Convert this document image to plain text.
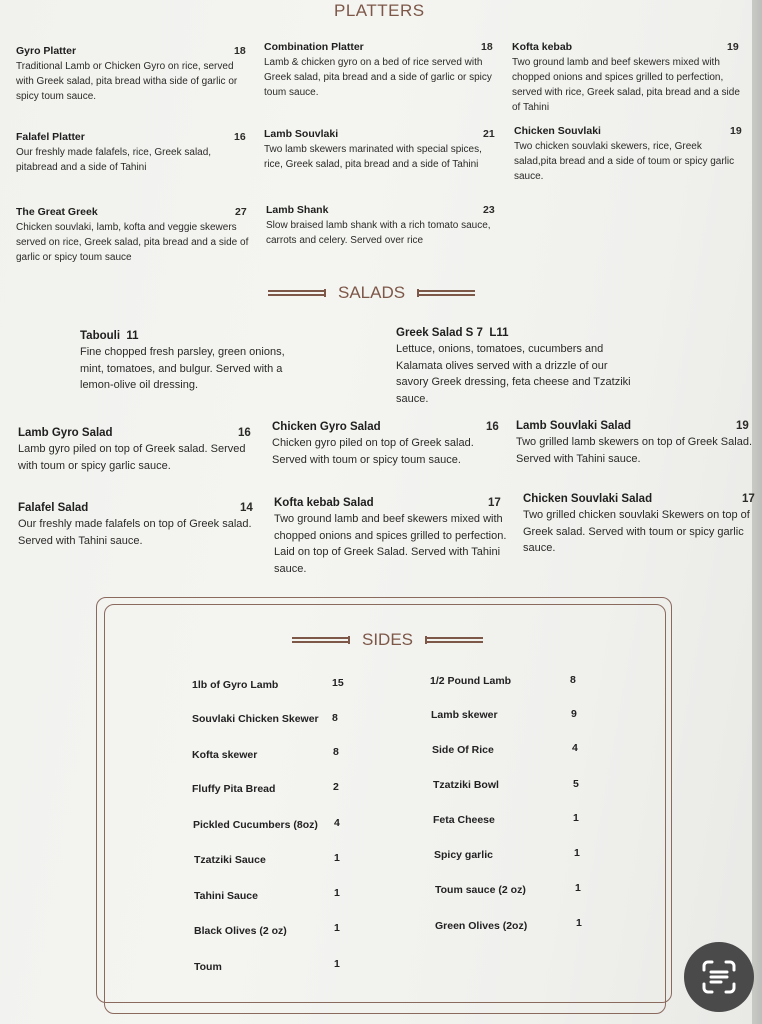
PLATTERS
Gyro Platter	18
Traditional Lamb or Chicken Gyro on rice, served with Greek salad, pita bread witha side of garlic or spicy toum sauce.
Combination Platter	18
Lamb & chicken gyro on a bed of rice served with Greek salad, pita bread and a side of garlic or spicy toum sauce.
Kofta kebab	19
Two ground lamb and beef skewers mixed with chopped onions and spices grilled to perfection, served with rice, Greek salad, pita bread and a side of Tahini
Falafel Platter	16
Our freshly made falafels, rice, Greek salad, pitabread and a side of Tahini
Lamb Souvlaki	21
Two lamb skewers marinated with special spices, rice, Greek salad, pita bread and a side of Tahini
Chicken Souvlaki	19
Two chicken souvlaki skewers, rice, Greek salad,pita bread and a side of toum or spicy garlic sauce.
The Great Greek	27
Chicken souvlaki, lamb, kofta and veggie skewers served on rice, Greek salad, pita bread and a side of garlic or spicy toum sauce
Lamb Shank	23
Slow braised lamb shank with a rich tomato sauce, carrots and celery. Served over rice
SALADS
Tabouli 11
Fine chopped fresh parsley, green onions, mint, tomatoes, and bulgur. Served with a lemon-olive oil dressing.
Greek Salad S 7 L11
Lettuce, onions, tomatoes, cucumbers and Kalamata olives served with a drizzle of our savory Greek dressing, feta cheese and Tzatziki sauce.
Lamb Gyro Salad	16
Lamb gyro piled on top of Greek salad. Served with toum or spicy garlic sauce.
Chicken Gyro Salad	16
Chicken gyro piled on top of Greek salad. Served with toum or spicy toum sauce.
Lamb Souvlaki Salad	19
Two grilled lamb skewers on top of Greek Salad. Served with Tahini sauce.
Falafel Salad	14
Our freshly made falafels on top of Greek salad. Served with Tahini sauce.
Kofta kebab Salad	17
Two ground lamb and beef skewers mixed with chopped onions and spices grilled to perfection. Laid on top of Greek Salad. Served with Tahini sauce.
Chicken Souvlaki Salad	17
Two grilled chicken souvlaki Skewers on top of Greek salad. Served with toum or spicy garlic sauce.
SIDES
1lb of Gyro Lamb	15
Souvlaki Chicken Skewer 8
Kofta skewer	8
Fluffy Pita Bread	2
Pickled Cucumbers (8oz) 4
Tzatziki Sauce	1
Tahini Sauce	1
Black Olives (2 oz)	1
Toum	1
1/2 Pound Lamb	8
Lamb skewer	9
Side Of Rice	4
Tzatziki Bowl	5
Feta Cheese	1
Spicy garlic	1
Toum sauce (2 oz)	1
Green Olives (2oz)	1
